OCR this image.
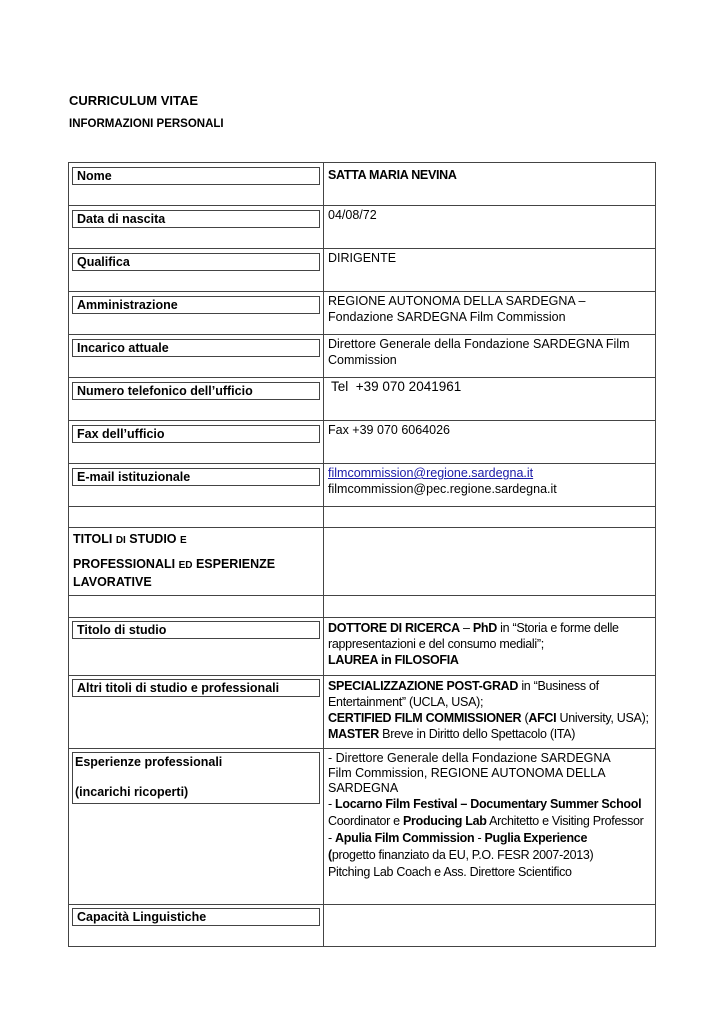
CURRICULUM VITAE
INFORMAZIONI PERSONALI
Nome	SATTA MARIA NEVINA
Data di nascita	04/08/72
Qualifica	DIRIGENTE
Amministrazione	REGIONE AUTONOMA DELLA SARDEGNA –
Fondazione SARDEGNA Film Commission
Incarico attuale	Direttore Generale della Fondazione SARDEGNA Film
Commission
Numero telefonico dell’ufficio	Tel  +39 070 2041961
Fax dell’ufficio	Fax +39 070 6064026
E-mail istituzionale	filmcommission@regione.sardegna.it
filmcommission@pec.regione.sardegna.it
TITOLI DI STUDIO E
PROFESSIONALI ED ESPERIENZE
LAVORATIVE
Titolo di studio	DOTTORE DI RICERCA – PhD in “Storia e forme delle
rappresentazioni e del consumo mediali”;
LAUREA in FILOSOFIA
Altri titoli di studio e professionali	SPECIALIZZAZIONE POST-GRAD in “Business of
Entertainment” (UCLA, USA);
CERTIFIED FILM COMMISSIONER (AFCI University, USA);
MASTER Breve in Diritto dello Spettacolo (ITA)
Esperienze professionali
(incarichi ricoperti)
- Direttore Generale della Fondazione SARDEGNA
Film Commission, REGIONE AUTONOMA DELLA
SARDEGNA
- Locarno Film Festival – Documentary Summer School
Coordinator e Producing Lab Architetto e Visiting Professor
- Apulia Film Commission - Puglia Experience
(progetto finanziato da EU, P.O. FESR 2007-2013)
Pitching Lab Coach e Ass. Direttore Scientifico
Capacità Linguistiche
